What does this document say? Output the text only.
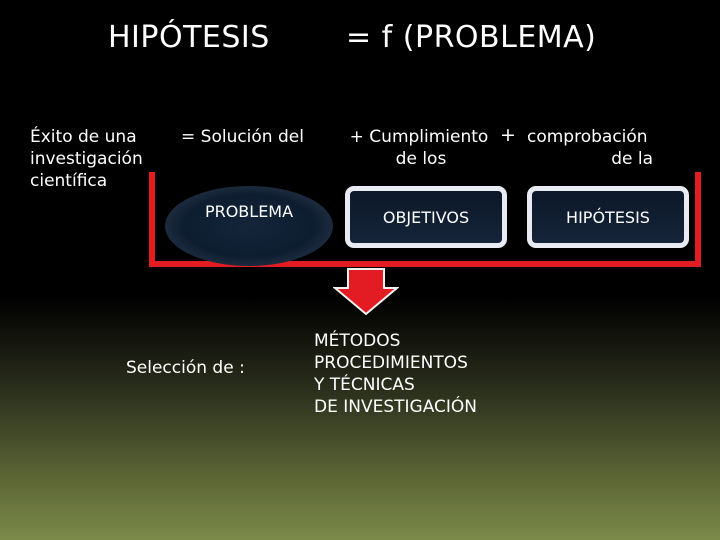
HIPÓTESIS	= f (PROBLEMA)
Éxito de una
investigación
científica
= Solución del	+ Cumplimiento
de los
+ comprobación
de la
PROBLEMA	OBJETIVOS	HIPÓTESIS
Selección de :
MÉTODOS
PROCEDIMIENTOS
Y TÉCNICAS
DE INVESTIGACIÓN
